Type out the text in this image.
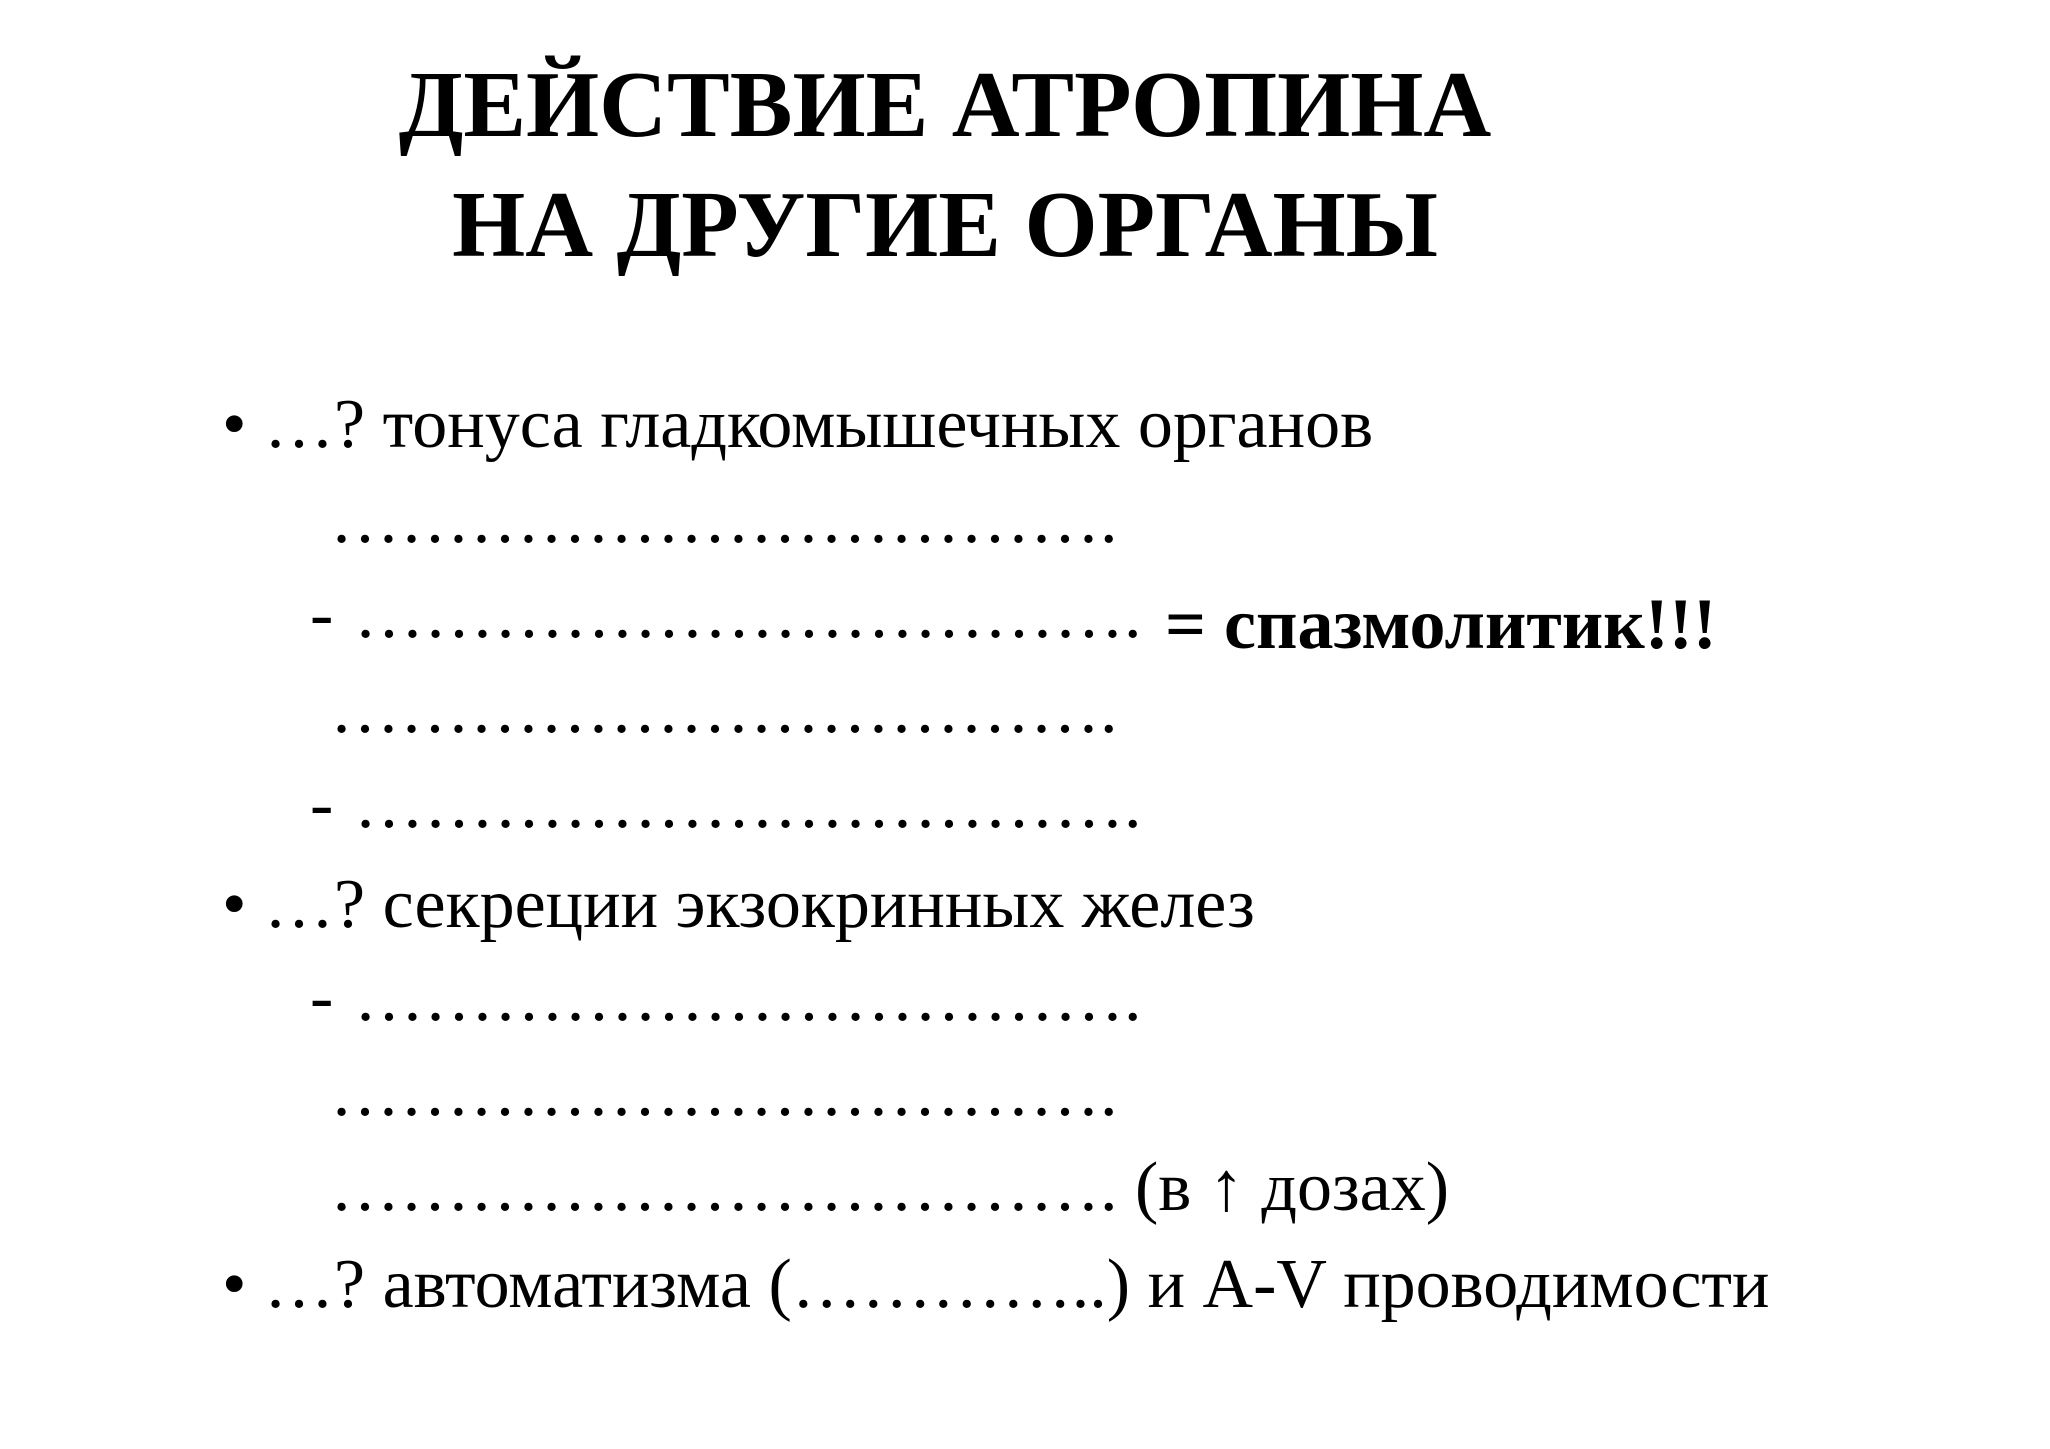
ДЕЙСТВИЕ АТРОПИНА
НА ДРУГИЕ ОРГАНЫ
• …? тонуса гладкомышечных органов
…………………………….
- ……………………………. = спазмолитик!!!
…………………………….
- …………………………….
• …? секреции экзокринных желез
- …………………………….
…………………………….
……………………………. (в ↑ дозах)
• …? автоматизма (…………..) и A-V проводимости
